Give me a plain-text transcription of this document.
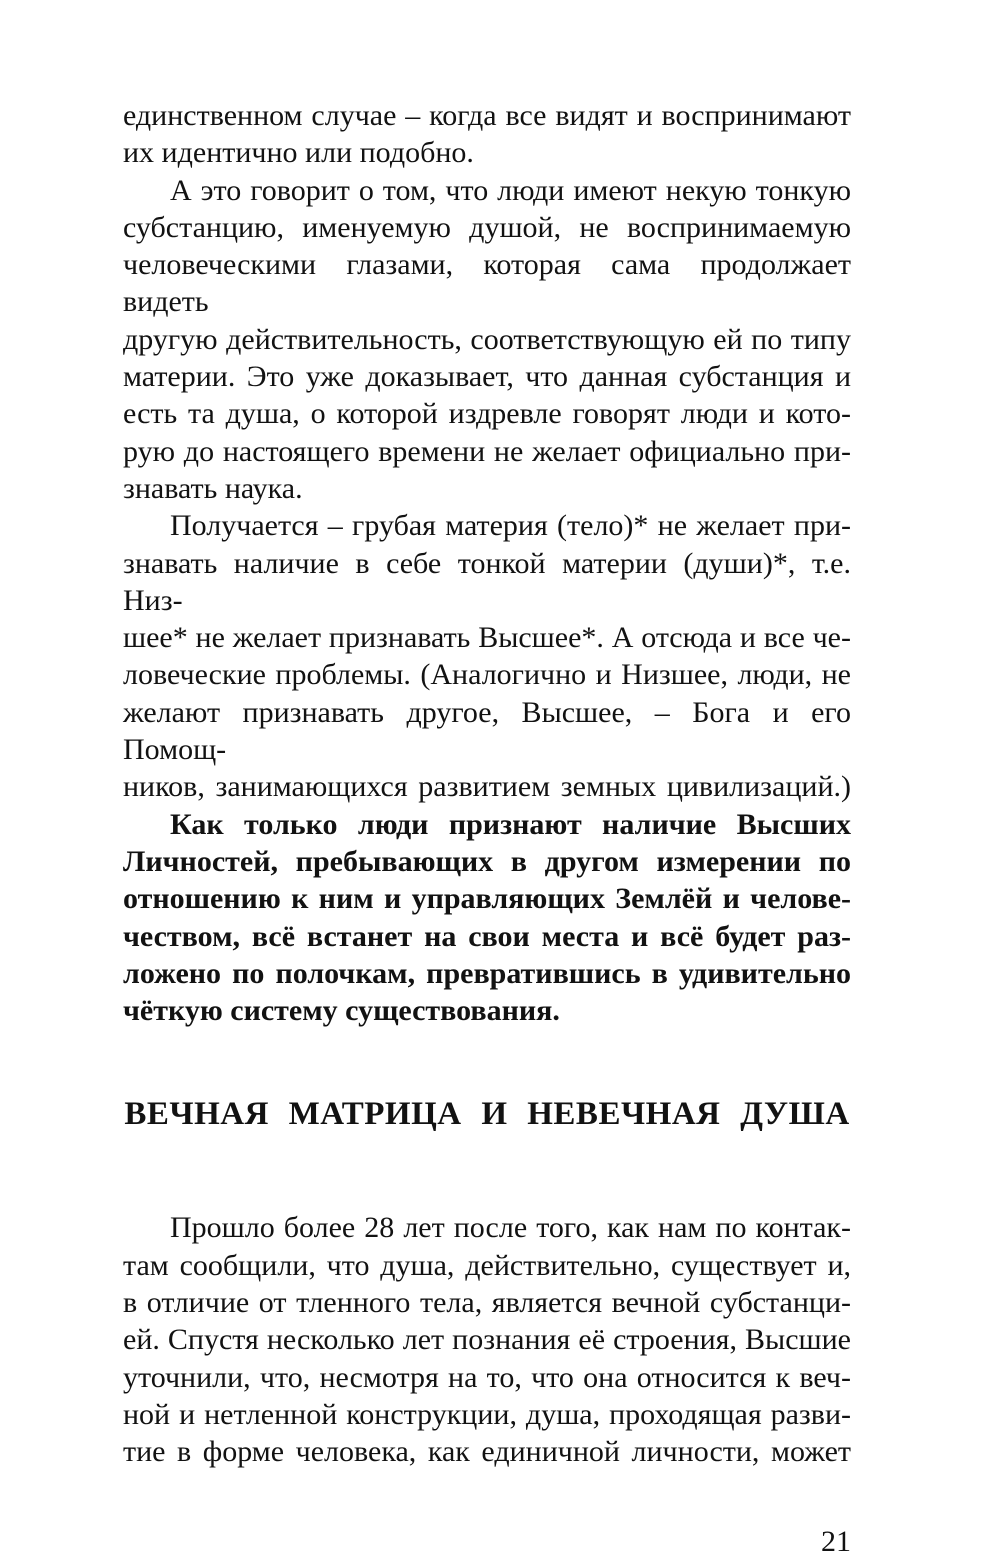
единственном случае – когда все видят и воспринимают
их идентично или подобно.
А это говорит о том, что люди имеют некую тонкую
субстанцию, именуемую душой, не воспринимаемую
человеческими глазами, которая сама продолжает видеть
другую действительность, соответствующую ей по типу
материи. Это уже доказывает, что данная субстанция и
есть та душа, о которой издревле говорят люди и кото-
рую до настоящего времени не желает официально при-
знавать наука.
Получается – грубая материя (тело)* не желает при-
знавать наличие в себе тонкой материи (души)*, т.е. Низ-
шее* не желает признавать Высшее*. А отсюда и все че-
ловеческие проблемы. (Аналогично и Низшее, люди, не
желают признавать другое, Высшее, – Бога и его Помощ-
ников, занимающихся развитием земных цивилизаций.)
Как только люди признают наличие Высших
Личностей, пребывающих в другом измерении по
отношению к ним и управляющих Землёй и челове-
чеством, всё встанет на свои места и всё будет раз-
ложено по полочкам, превратившись в удивительно
чёткую систему существования.
ВЕЧНАЯ МАТРИЦА И НЕВЕЧНАЯ ДУША
Прошло более 28 лет после того, как нам по контак-
там сообщили, что душа, действительно, существует и,
в отличие от тленного тела, является вечной субстанци-
ей. Спустя несколько лет познания её строения, Высшие
уточнили, что, несмотря на то, что она относится к веч-
ной и нетленной конструкции, душа, проходящая разви-
тие в форме человека, как единичной личности, может
21
